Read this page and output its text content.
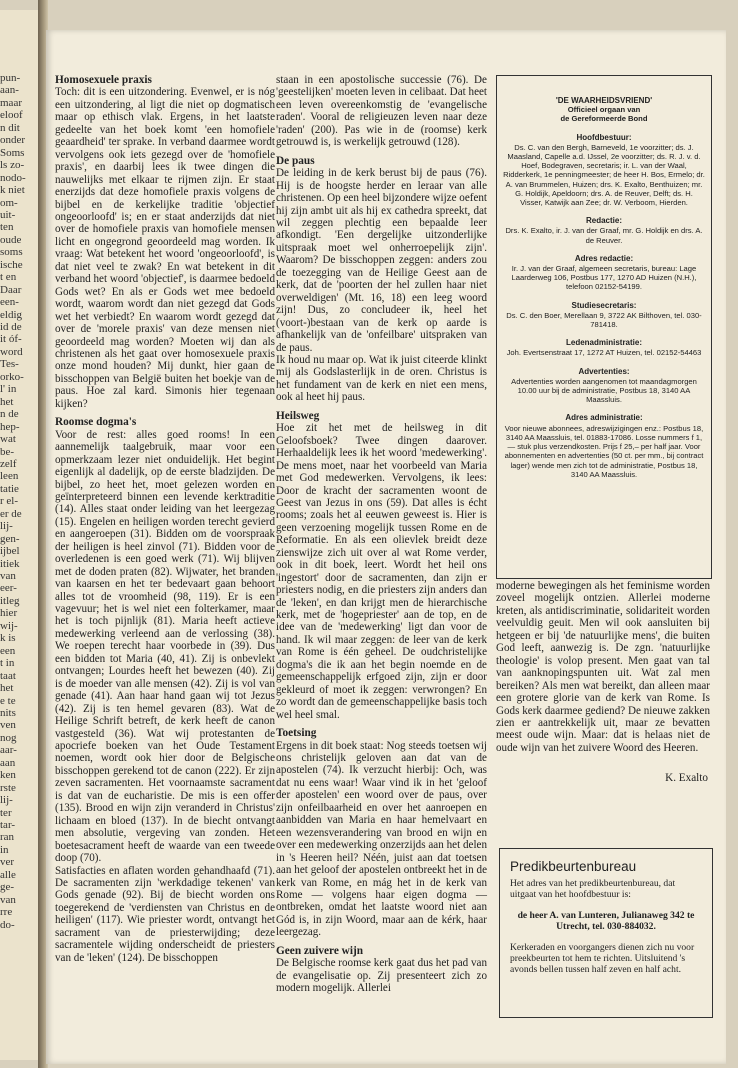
pun-
aan-
maar
eloof
n dit
onder
Soms
ls zo-
nodo-
k niet
om-
uit-
ten
oude
soms
ische
t en
Daar
een-
eldig
id de
it óf-
word
Tes-
orko-
l' in
het
n de
hep-
wat
be-
zelf
leen
tatie
r el-
er de
lij-
gen-
ijbel
itiek
van
eer-
itleg
hier
wij-
k is
een
t in
taat
het
e te
nits
ven
nog
aar-
aan
ken
rste
lij-
ter
tar-
ran
in
ver
alle
ge-
van
rre
do-
Homosexuele praxis

Toch: dit is een uitzondering. Evenwel, er is nóg een uitzondering, al ligt die niet op dogmatisch maar op ethisch vlak. Ergens, in het laatste gedeelte van het boek komt 'een homofiele geaardheid' ter sprake. In verband daarmee wordt vervolgens ook iets gezegd over de 'homofiele praxis', en daarbij lees ik twee dingen die nauwelijks met elkaar te rijmen zijn. Er staat enerzijds dat deze homofiele praxis volgens de bijbel en de kerkelijke traditie 'objectief ongeoorloofd' is; en er staat anderzijds dat niet over de homofiele praxis van homofiele mensen licht en ongegrond geoordeeld mag worden. Ik vraag: Wat betekent het woord 'ongeoorloofd', is dat niet veel te zwak? En wat betekent in dit verband het woord 'objectief', is daarmee bedoeld Gods wet? En als er Gods wet mee bedoeld wordt, waarom wordt dan niet gezegd dat Gods wet het verbiedt? En waarom wordt gezegd dat over de 'morele praxis' van deze mensen niet geoordeeld mag worden? Moeten wij dan als christenen als het gaat over homosexuele praxis onze mond houden? Mij dunkt, hier gaan de bisschoppen van België buiten het boekje van de paus. Hoe zal kard. Simonis hier tegenaan kijken?

Roomse dogma's

Voor de rest: alles goed rooms! In een aannemelijk taalgebruik, maar voor een opmerkzaam lezer niet onduidelijk. Het begint eigenlijk al dadelijk, op de eerste bladzijden. De bijbel, zo heet het, moet gelezen worden en geïnterpreteerd binnen een levende kerktraditie (14). Alles staat onder leiding van het leergezag (15). Engelen en heiligen worden terecht gevierd en aangeroepen (31). Bidden om de voorspraak der heiligen is heel zinvol (71). Bidden voor de overledenen is een goed werk (71). Wij blijven met de doden praten (82). Wijwater, het branden van kaarsen en het ter bedevaart gaan behoort alles tot de vroomheid (98, 119). Er is een vagevuur; het is wel niet een folterkamer, maar het is toch pijnlijk (81). Maria heeft actieve medewerking verleend aan de verlossing (38). We roepen terecht haar voorbede in (39). Dus een bidden tot Maria (40, 41). Zij is onbevlekt ontvangen; Lourdes heeft het bewezen (40). Zij is de moeder van alle mensen (42). Zij is vol van genade (41). Aan haar hand gaan wij tot Jezus (42). Zij is ten hemel gevaren (83). Wat de Heilige Schrift betreft, de kerk heeft de canon vastgesteld (36). Wat wij protestanten de apocriefe boeken van het Oude Testament noemen, wordt ook hier door de Belgische bisschoppen gerekend tot de canon (222). Er zijn zeven sacramenten. Het voornaamste sacrament is dat van de eucharistie. De mis is een offer (135). Brood en wijn zijn veranderd in Christus' lichaam en bloed (137). In de biecht ontvangt men absolutie, vergeving van zonden. Het boetesacrament heeft de waarde van een tweede doop (70).

Satisfacties en aflaten worden gehandhaafd (71). De sacramenten zijn 'werkdadige tekenen' van Gods genade (92). Bij de biecht worden ons toegerekend de 'verdiensten van Christus en de heiligen' (117). Wie priester wordt, ontvangt het sacrament van de priesterwijding; deze sacramentele wijding onderscheidt de priesters van de 'leken' (124). De bisschoppen

staan in een apostolische successie (76). De 'geestelijken' moeten leven in celibaat. Dat heet een leven overeenkomstig de 'evangelische raden'. Vooral de religieuzen leven naar deze 'raden' (200). Pas wie in de (roomse) kerk getrouwd is, is werkelijk getrouwd (128).

De paus

De leiding in de kerk berust bij de paus (76). Hij is de hoogste herder en leraar van alle christenen. Op een heel bijzondere wijze oefent hij zijn ambt uit als hij ex cathedra spreekt, dat wil zeggen plechtig een bepaalde leer afkondigt. 'Een dergelijke uitzonderlijke uitspraak moet wel onherroepelijk zijn'. Waarom? De bisschoppen zeggen: anders zou de toezegging van de Heilige Geest aan de kerk, dat de 'poorten der hel zullen haar niet overweldigen' (Mt. 16, 18) een leeg woord zijn! Dus, zo concludeer ik, heel het (voort-)bestaan van de kerk op aarde is afhankelijk van de 'onfeilbare' uitspraken van de paus.

Ik houd nu maar op. Wat ik juist citeerde klinkt mij als Godslasterlijk in de oren. Christus is het fundament van de kerk en niet een mens, ook al heet hij paus.

Heilsweg

Hoe zit het met de heilsweg in dit Geloofsboek? Twee dingen daarover. Herhaaldelijk lees ik het woord 'medewerking'. De mens moet, naar het voorbeeld van Maria met God medewerken. Vervolgens, ik lees: Door de kracht der sacramenten woont de Geest van Jezus in ons (59). Dat alles is écht rooms; zoals het al eeuwen geweest is. Hier is geen verzoening mogelijk tussen Rome en de Reformatie. En als een olievlek breidt deze zienswijze zich uit over al wat Rome verder, ook in dit boek, leert. Wordt het heil ons 'ingestort' door de sacramenten, dan zijn er priesters nodig, en die priesters zijn anders dan de 'leken', en dan krijgt men de hierarchische kerk, met de 'hogepriester' aan de top, en de idee van de 'medewerking' ligt dan voor de hand. Ik wil maar zeggen: de leer van de kerk van Rome is één geheel. De oudchristelijke dogma's die ik aan het begin noemde en de gemeenschappelijk erfgoed zijn, zijn er door gekleurd of moet ik zeggen: verwrongen? En zo wordt dan de gemeenschappelijke basis toch wel heel smal.

Toetsing

Ergens in dit boek staat: Nog steeds toetsen wij ons christelijk geloven aan dat van de apostelen (74). Ik verzucht hierbij: Och, was dat nu eens waar! Waar vind ik in het 'geloof der apostelen' een woord over de paus, over zijn onfeilbaarheid en over het aanroepen en aanbidden van Maria en haar hemelvaart en een wezensverandering van brood en wijn en over een medewerking onzerzijds aan het delen in 's Heeren heil? Néén, juist aan dat toetsen aan het geloof der apostelen ontbreekt het in de kerk van Rome, en mág het in de kerk van Rome — volgens haar eigen dogma — ontbreken, omdat het laatste woord niet aan Gód is, in zijn Woord, maar aan de kérk, haar leergezag.

Geen zuivere wijn

De Belgische roomse kerk gaat dus het pad van de evangelisatie op. Zij presenteert zich zo modern mogelijk. Allerlei

'DE WAARHEIDSVRIEND'
Officieel orgaan van
de Gereformeerde Bond
Hoofdbestuur:
Ds. C. van den Bergh, Barneveld, 1e voorzitter; ds. J. Maasland, Capelle a.d. IJssel, 2e voorzitter; ds. R. J. v. d. Hoef, Bodegraven, secretaris; ir. L. van der Waal, Ridderkerk, 1e penningmeester; de heer H. Bos, Ermelo; dr. A. van Brummelen, Huizen; drs. K. Exalto, Benthuizen; mr. G. Holdijk, Apeldoorn; drs. A. de Reuver, Delft; ds. H. Visser, Katwijk aan Zee; dr. W. Verboom, Hierden.
Redactie:
Drs. K. Exalto, ir. J. van der Graaf, mr. G. Holdijk en drs. A. de Reuver.
Adres redactie:
Ir. J. van der Graaf, algemeen secretaris, bureau: Lage Laarderweg 106, Postbus 177, 1270 AD Huizen (N.H.), telefoon 02152-54199.
Studiesecretaris:
Ds. C. den Boer, Merellaan 9, 3722 AK Bilthoven, tel. 030-781418.
Ledenadministratie:
Joh. Evertsenstraat 17, 1272 AT Huizen, tel. 02152-54463
Advertenties:
Advertenties worden aangenomen tot maandagmorgen 10.00 uur bij de administratie, Postbus 18, 3140 AA Maassluis.
Adres administratie:
Voor nieuwe abonnees, adreswijzigingen enz.: Postbus 18, 3140 AA Maassluis, tel. 01883-17086. Losse nummers f 1,— stuk plus verzendkosten. Prijs f 25,– per half jaar. Voor abonnementen en advertenties (50 ct. per mm., bij contract lager) wende men zich tot de administratie, Postbus 18, 3140 AA Maassluis.

moderne bewegingen als het feminisme worden zoveel mogelijk ontzien. Allerlei moderne kreten, als antidiscriminatie, solidariteit worden veelvuldig geuit. Men wil ook aansluiten bij hetgeen er bij 'de natuurlijke mens', die buiten God leeft, aanwezig is. De zgn. 'natuurlijke theologie' is volop present. Men gaat van tal van aanknopingspunten uit. Wat zal men bereiken? Als men wat bereikt, dan alleen maar een grotere glorie van de kerk van Rome. Is Gods kerk daarmee gediend? De nieuwe zakken zien er aantrekkelijk uit, maar ze bevatten meest oude wijn. Maar: dat is helaas niet de oude wijn van het zuivere Woord des Heeren.

K. Exalto
Predikbeurtenbureau
Het adres van het predikbeurtenbureau, dat uitgaat van het hoofdbestuur is:
de heer A. van Lunteren, Julianaweg 342 te Utrecht, tel. 030-884032.
Kerkeraden en voorgangers dienen zich nu voor preekbeurten tot hem te richten. Uitsluitend 's avonds bellen tussen half zeven en half acht.
